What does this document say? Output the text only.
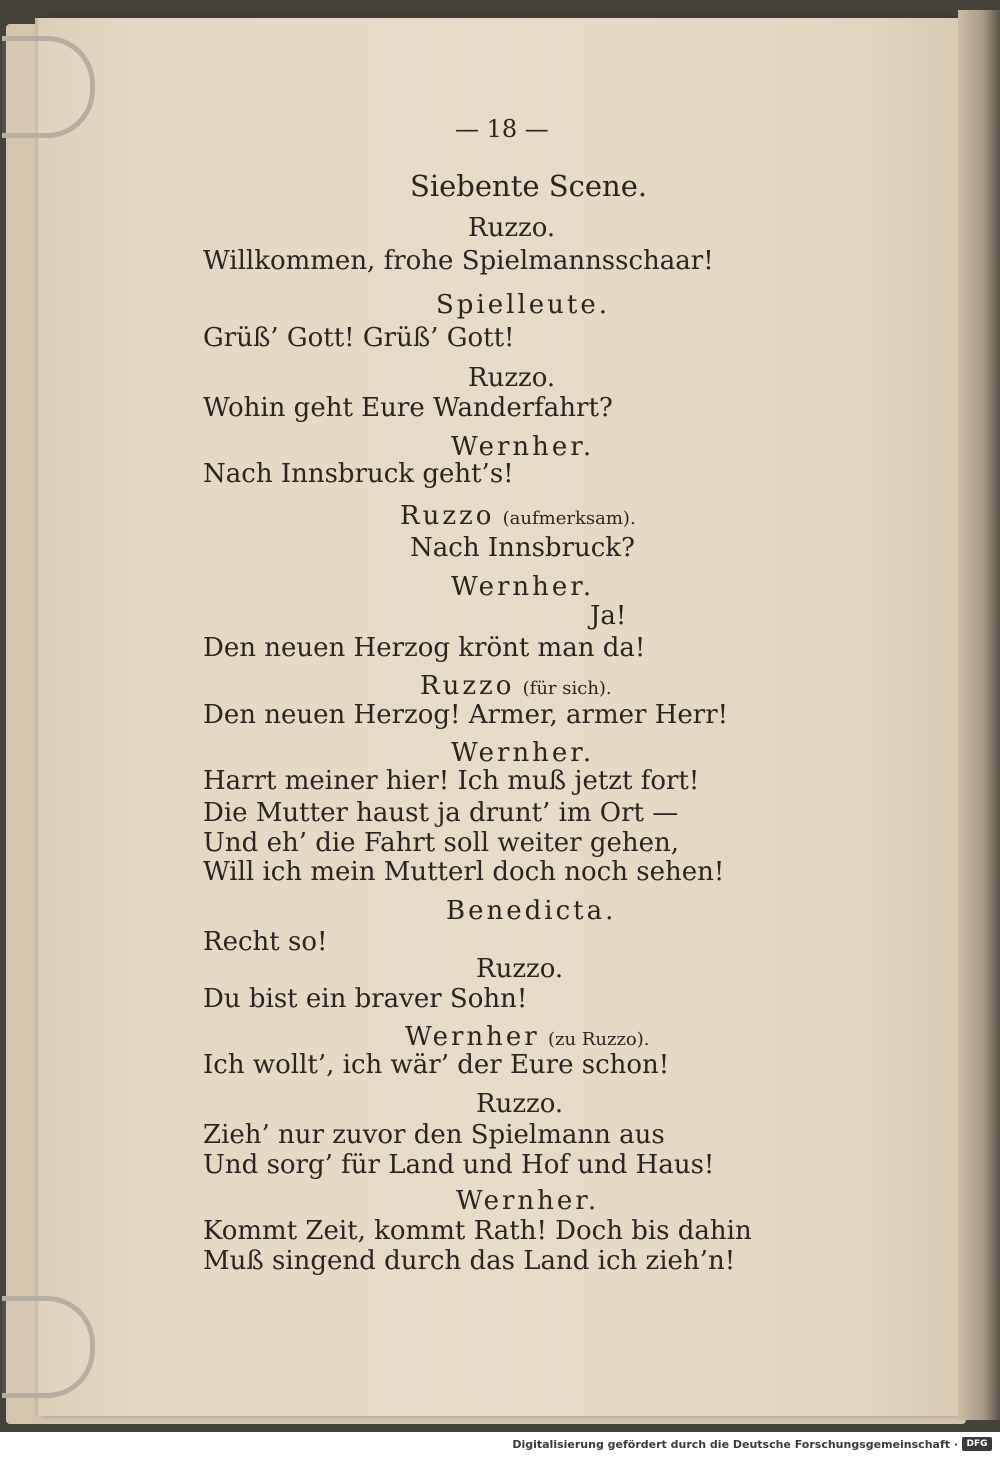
— 18 —
Siebente Scene.
Ruzzo.
Willkommen, frohe Spielmannsschaar!
Spielleute.
Grüß’ Gott! Grüß’ Gott!
Ruzzo.
Wohin geht Eure Wanderfahrt?
Wernher.
Nach Innsbruck geht’s!
Ruzzo (aufmerksam).
Nach Innsbruck?
Wernher.
Ja!
Den neuen Herzog krönt man da!
Ruzzo (für sich).
Den neuen Herzog! Armer, armer Herr!
Wernher.
Harrt meiner hier! Ich muß jetzt fort!
Die Mutter haust ja drunt’ im Ort —
Und eh’ die Fahrt soll weiter gehen,
Will ich mein Mutterl doch noch sehen!
Benedicta.
Recht so!
Ruzzo.
Du bist ein braver Sohn!
Wernher (zu Ruzzo).
Ich wollt’, ich wär’ der Eure schon!
Ruzzo.
Zieh’ nur zuvor den Spielmann aus
Und sorg’ für Land und Hof und Haus!
Wernher.
Kommt Zeit, kommt Rath! Doch bis dahin
Muß singend durch das Land ich zieh’n!
Digitalisierung gefördert durch die Deutsche Forschungsgemeinschaft · DFG
